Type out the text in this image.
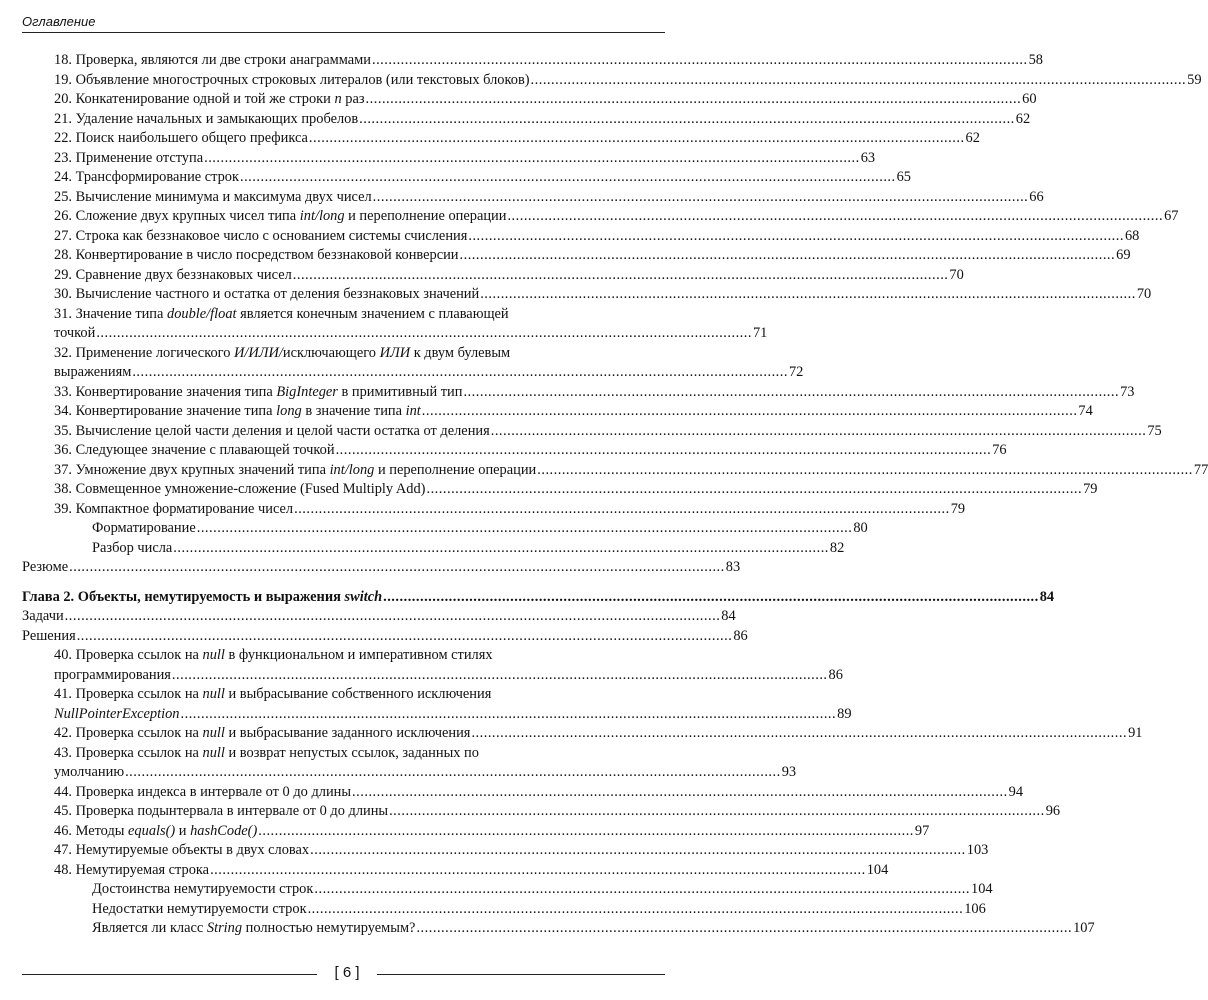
Оглавление
18. Проверка, являются ли две строки анаграммами .....	58
19. Объявление многострочных строковых литералов (или текстовых блоков) .....	59
20. Конкатенирование одной и той же строки n раз .....	60
21. Удаление начальных и замыкающих пробелов .....	62
22. Поиск наибольшего общего префикса .....	62
23. Применение отступа .....	63
24. Трансформирование строк .....	65
25. Вычисление минимума и максимума двух чисел .....	66
26. Сложение двух крупных чисел типа int/long и переполнение операции .....	67
27. Строка как беззнаковое число с основанием системы счисления .....	68
28. Конвертирование в число посредством беззнаковой конверсии .....	69
29. Сравнение двух беззнаковых чисел .....	70
30. Вычисление частного и остатка от деления беззнаковых значений .....	70
31. Значение типа double/float является конечным значением с плавающей
точкой .....	71
32. Применение логического И/ИЛИ/исключающего ИЛИ к двум булевым
выражениям .....	72
33. Конвертирование значения типа BigInteger в примитивный тип .....	73
34. Конвертирование значение типа long в значение типа int .....	74
35. Вычисление целой части деления и целой части остатка от деления .....	75
36. Следующее значение с плавающей точкой .....	76
37. Умножение двух крупных значений типа int/long и переполнение операции .....	77
38. Совмещенное умножение-сложение (Fused Multiply Add) .....	79
39. Компактное форматирование чисел .....	79
Форматирование .....	80
Разбор числа .....	82
Резюме .....	83
Глава 2. Объекты, немутируемость и выражения switch .....	84
Задачи .....	84
Решения .....	86
40. Проверка ссылок на null в функциональном и императивном стилях
программирования .....	86
41. Проверка ссылок на null и выбрасывание собственного исключения
NullPointerException .....	89
42. Проверка ссылок на null и выбрасывание заданного исключения .....	91
43. Проверка ссылок на null и возврат непустых ссылок, заданных по
умолчанию .....	93
44. Проверка индекса в интервале от 0 до длины .....	94
45. Проверка подынтервала в интервале от 0 до длины .....	96
46. Методы equals() и hashCode() .....	97
47. Немутируемые объекты в двух словах .....	103
48. Немутируемая строка .....	104
Достоинства немутируемости строк .....	104
Недостатки немутируемости строк .....	106
Является ли класс String полностью немутируемым? .....	107
[ 6 ]
